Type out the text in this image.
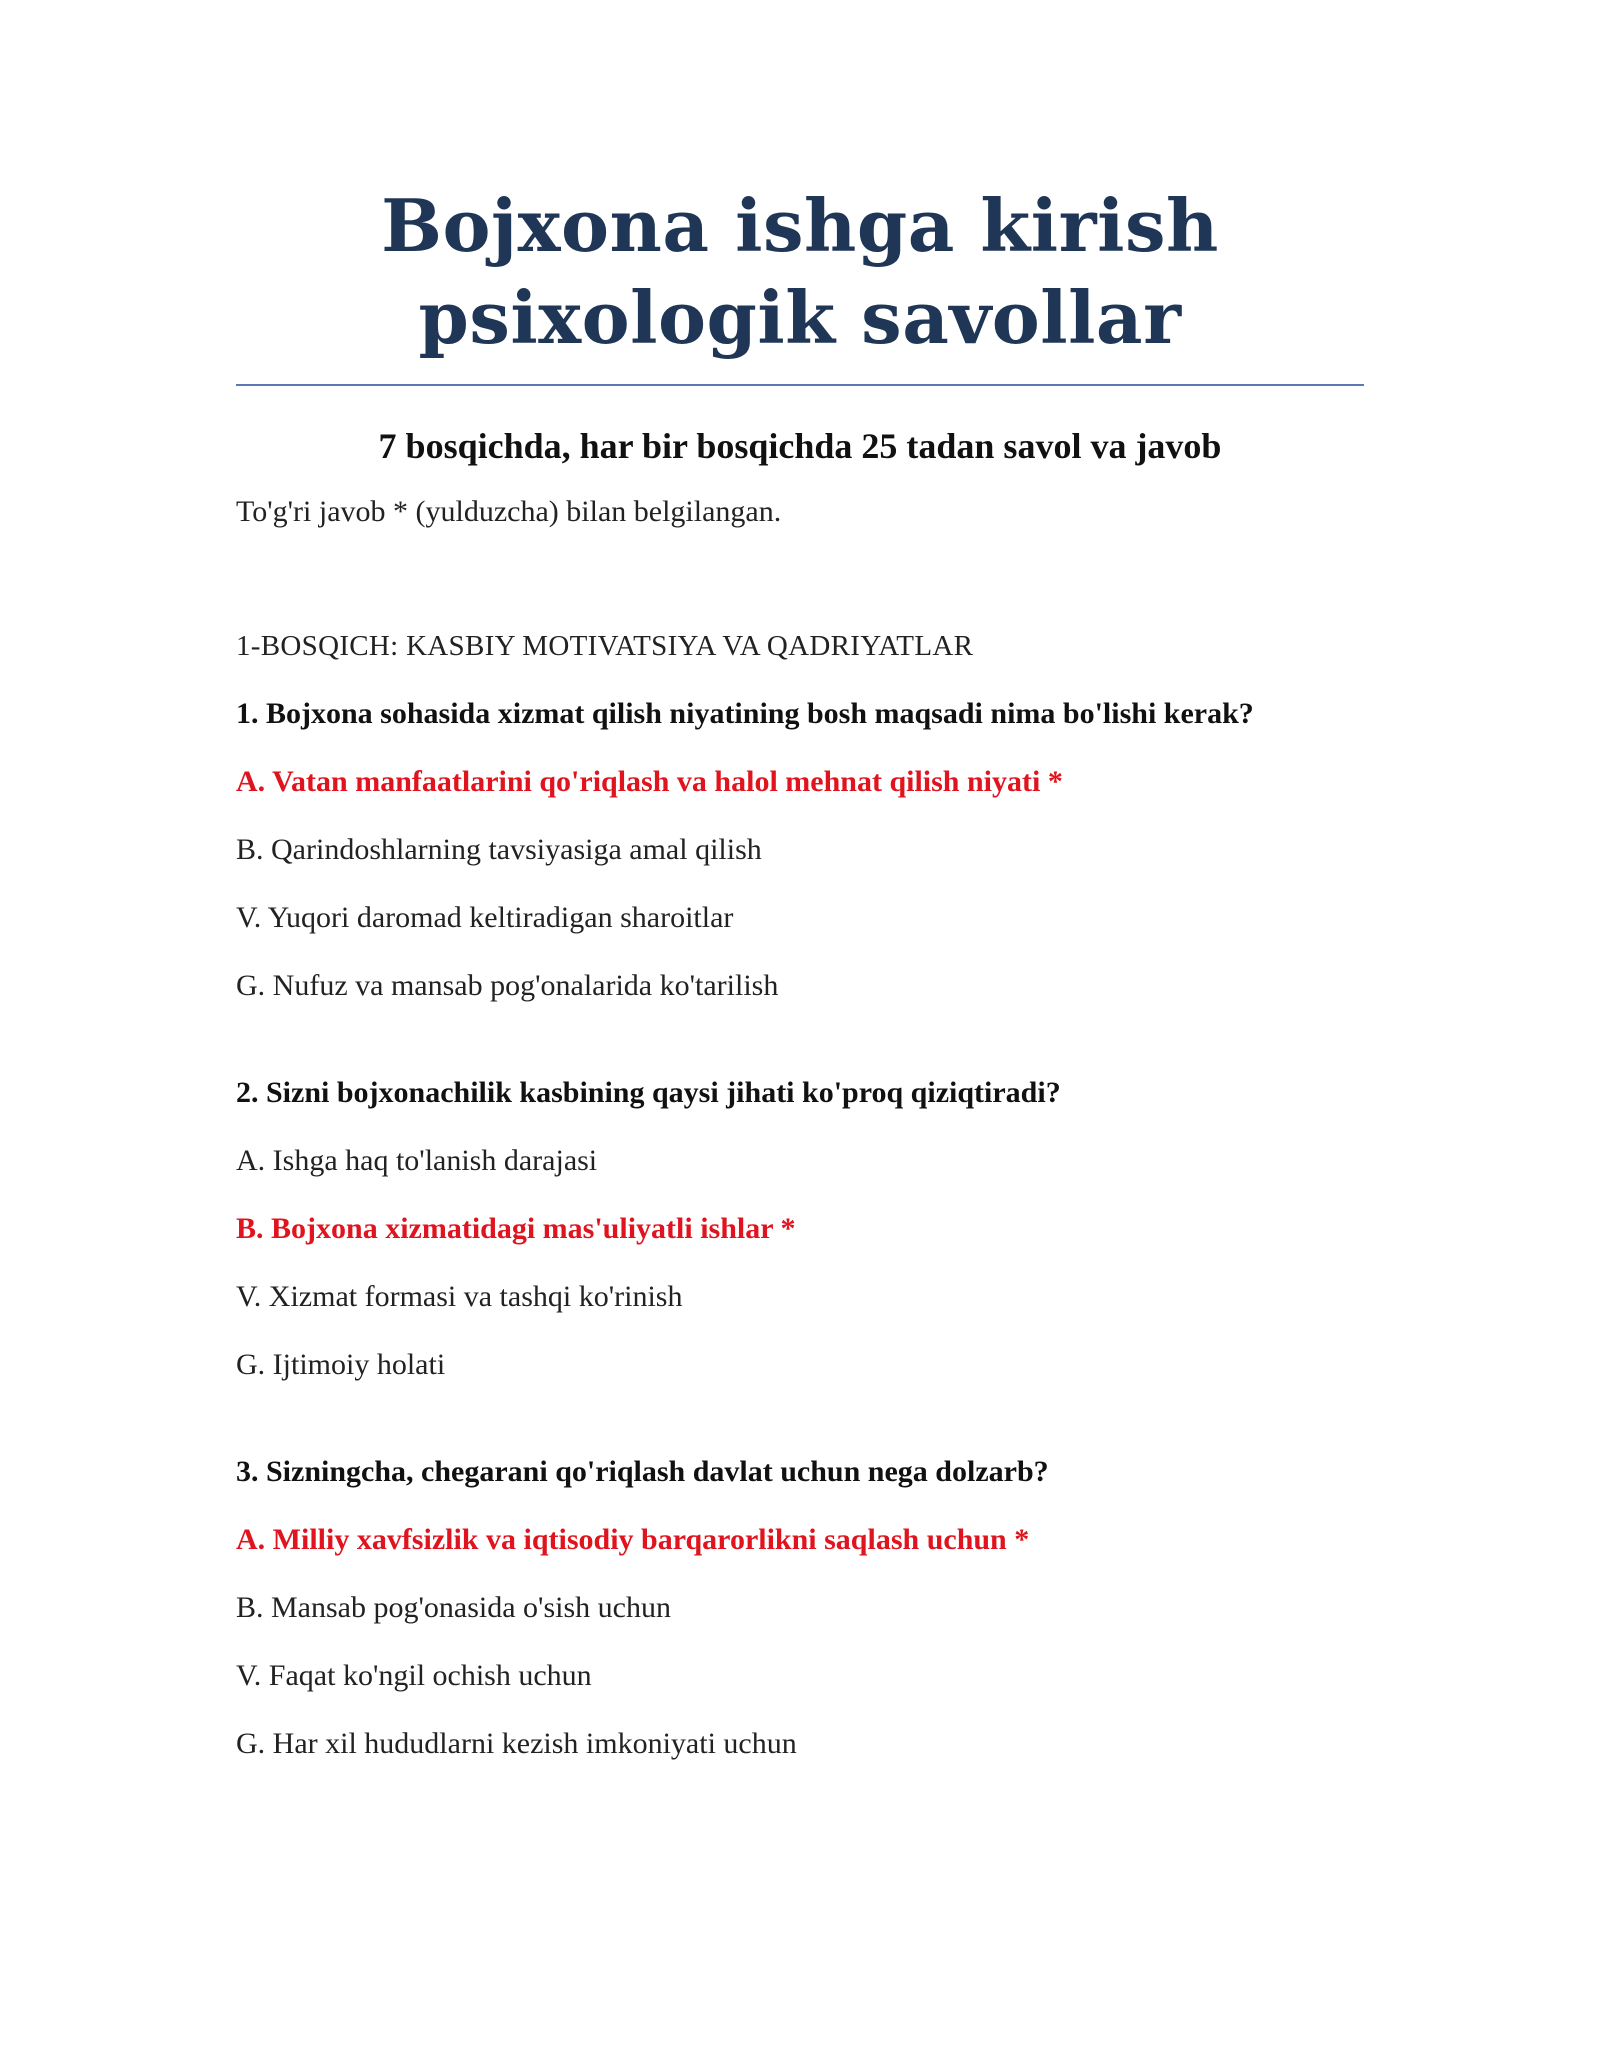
Bojxona ishga kirish psixologik savollar

7 bosqichda, har bir bosqichda 25 tadan savol va javob

To'g'ri javob * (yulduzcha) bilan belgilangan.

1-BOSQICH: KASBIY MOTIVATSIYA VA QADRIYATLAR

1. Bojxona sohasida xizmat qilish niyatining bosh maqsadi nima bo'lishi kerak?

A. Vatan manfaatlarini qo'riqlash va halol mehnat qilish niyati *

B. Qarindoshlarning tavsiyasiga amal qilish

V. Yuqori daromad keltiradigan sharoitlar

G. Nufuz va mansab pog'onalarida ko'tarilish

2. Sizni bojxonachilik kasbining qaysi jihati ko'proq qiziqtiradi?

A. Ishga haq to'lanish darajasi

B. Bojxona xizmatidagi mas'uliyatli ishlar *

V. Xizmat formasi va tashqi ko'rinish

G. Ijtimoiy holati

3. Sizningcha, chegarani qo'riqlash davlat uchun nega dolzarb?

A. Milliy xavfsizlik va iqtisodiy barqarorlikni saqlash uchun *

B. Mansab pog'onasida o'sish uchun

V. Faqat ko'ngil ochish uchun

G. Har xil hududlarni kezish imkoniyati uchun
